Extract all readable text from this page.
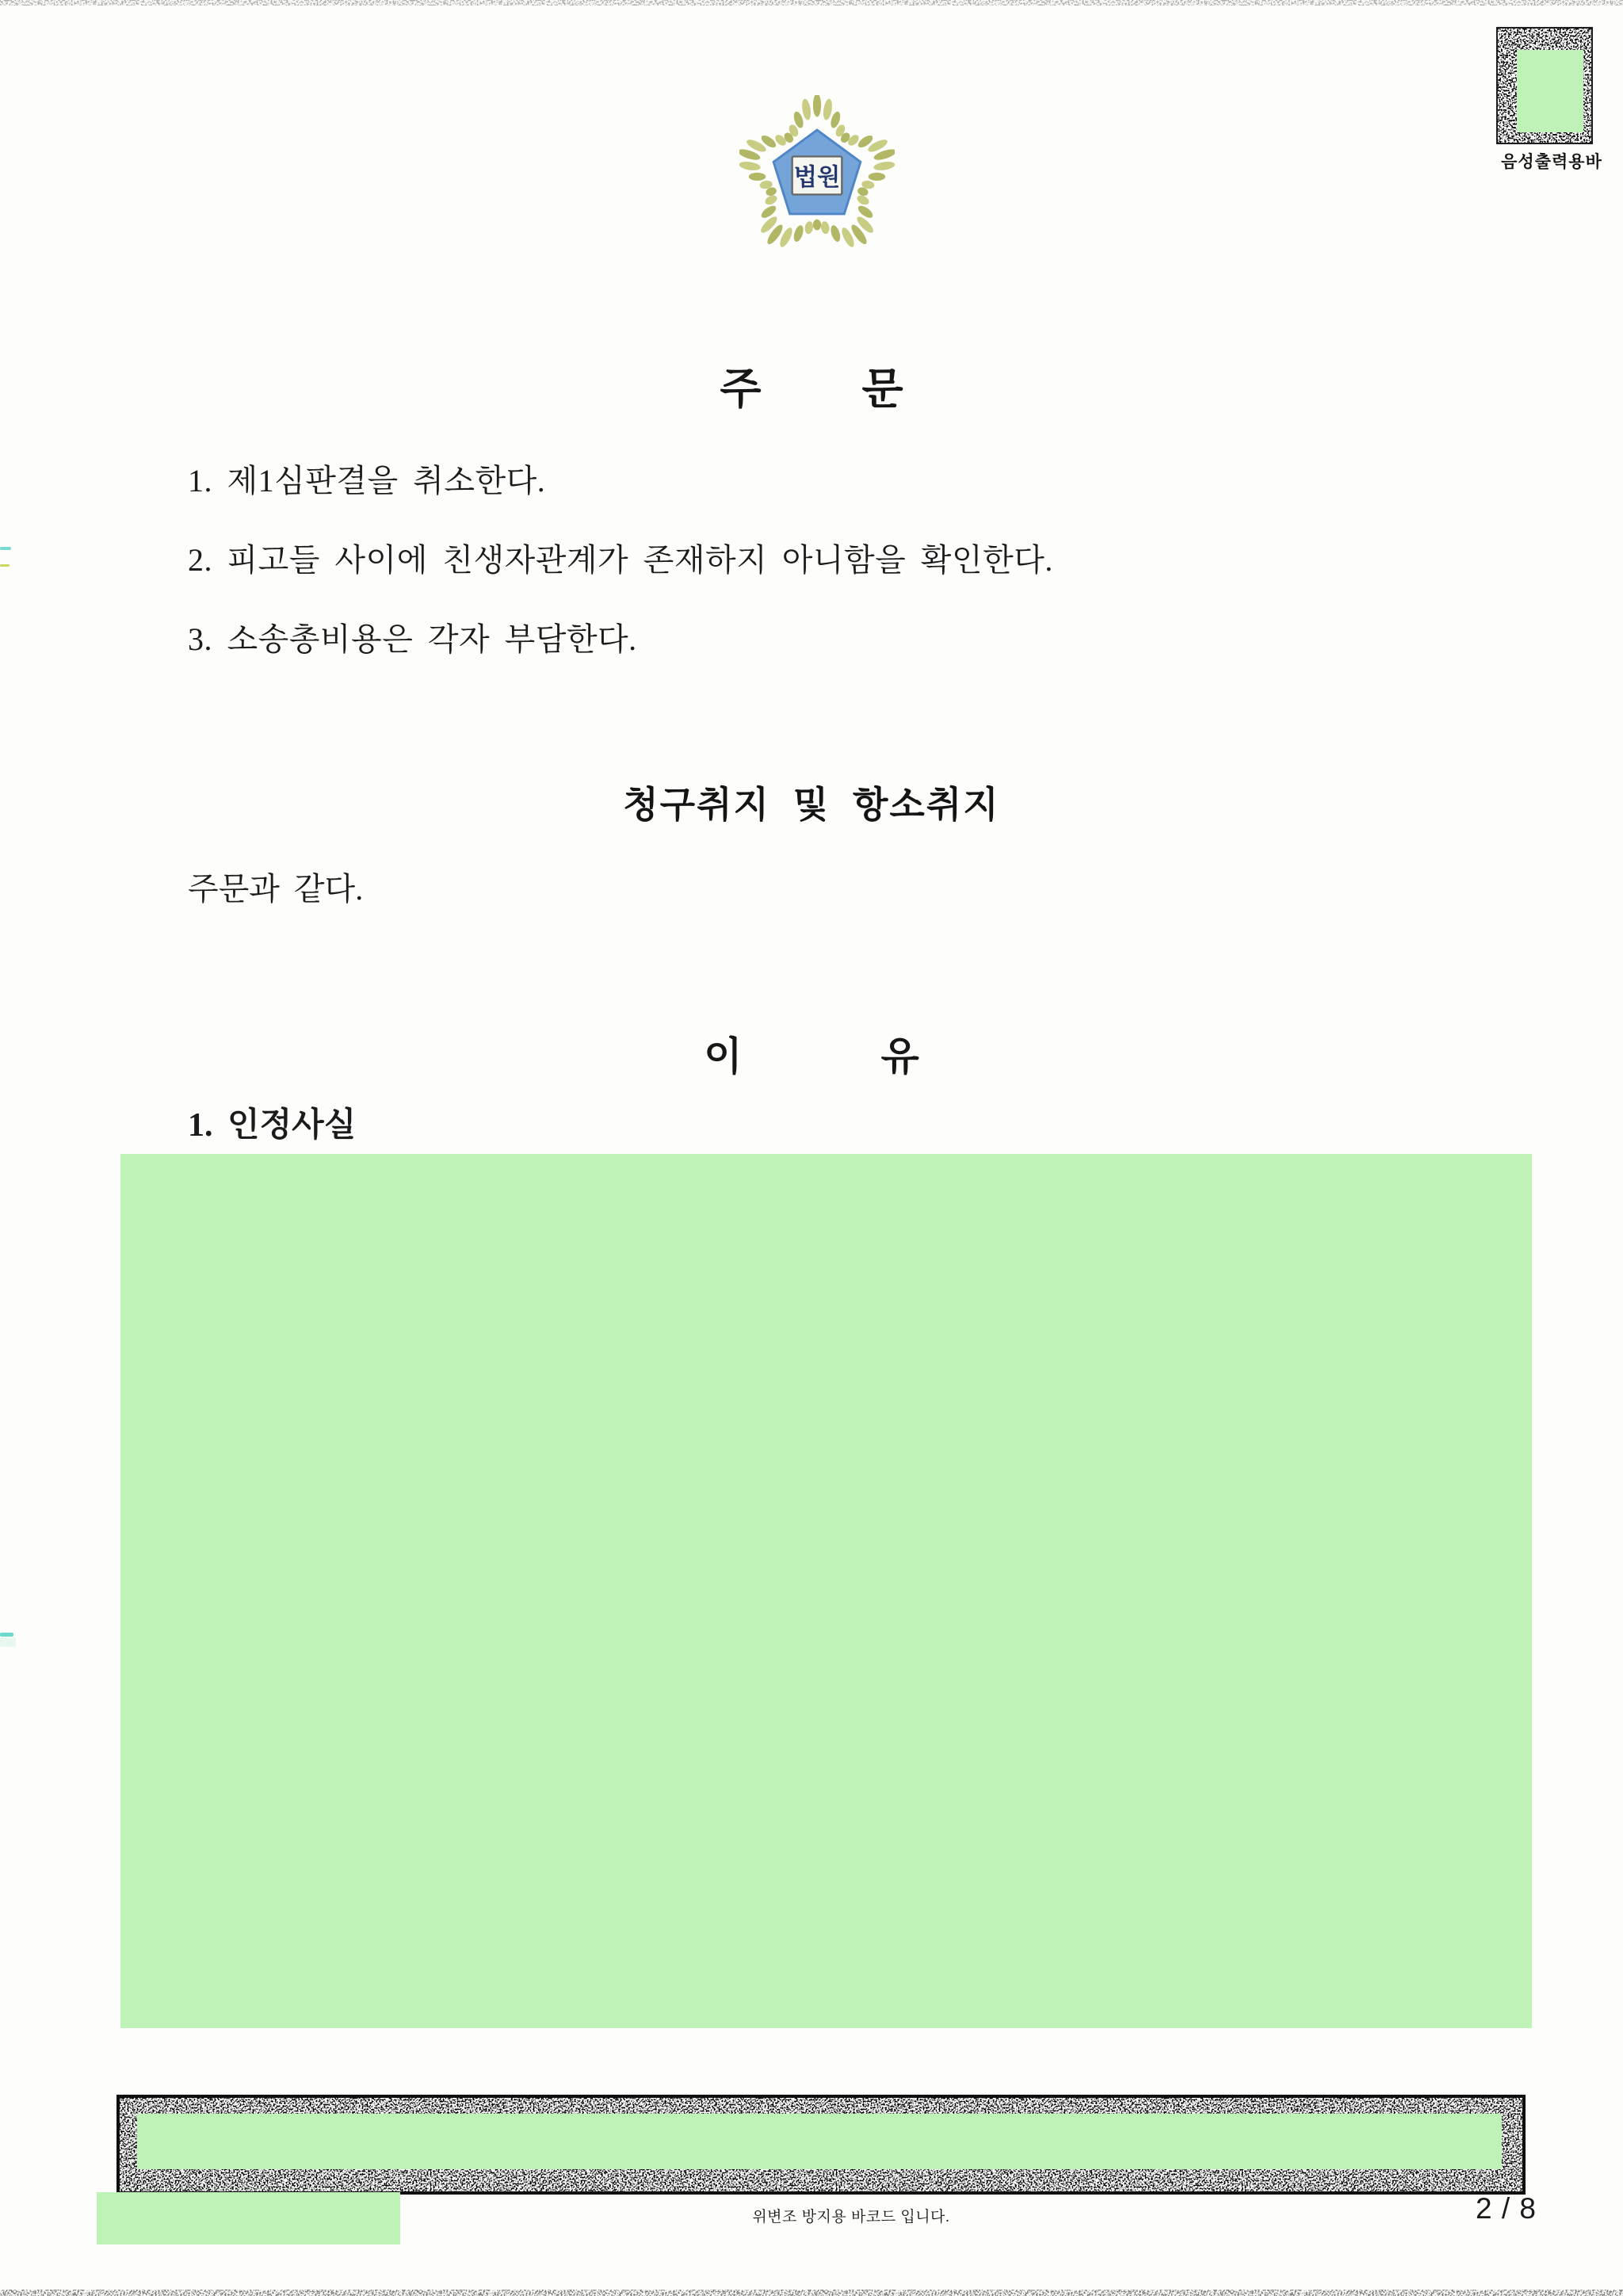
법원
음성출력용바
주 문
1. 제1심판결을 취소한다.
2. 피고들 사이에 친생자관계가 존재하지 아니함을 확인한다.
3. 소송총비용은 각자 부담한다.
청구취지 및 항소취지
주문과 같다.
이	유
1. 인정사실
위변조 방지용 바코드 입니다.	2 / 8
